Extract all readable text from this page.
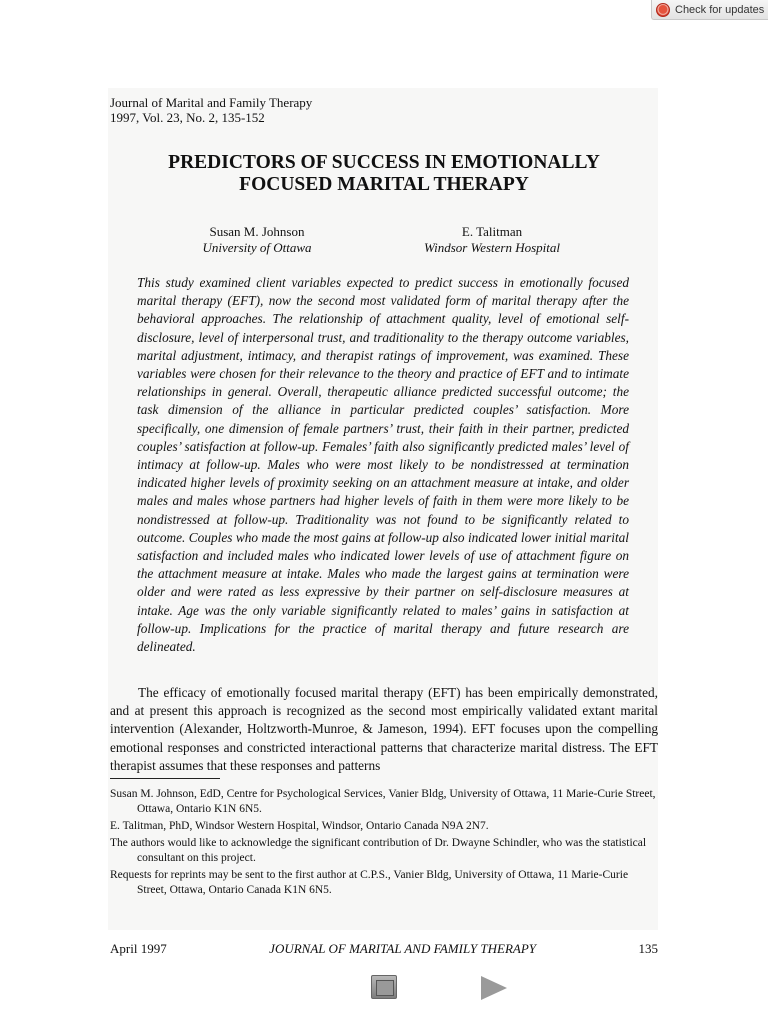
Check for updates
Journal of Marital and Family Therapy
1997, Vol. 23, No. 2, 135-152
PREDICTORS OF SUCCESS IN EMOTIONALLY
FOCUSED MARITAL THERAPY
Susan M. Johnson
University of Ottawa
E. Talitman
Windsor Western Hospital

This study examined client variables expected to predict success in emotionally focused marital therapy (EFT), now the second most validated form of marital therapy after the behavioral approaches. The relationship of attachment quality, level of emotional self-disclosure, level of interpersonal trust, and traditionality to the therapy outcome variables, marital adjustment, intimacy, and therapist ratings of improvement, was examined. These variables were chosen for their relevance to the theory and practice of EFT and to intimate relationships in general. Overall, therapeutic alliance predicted successful outcome; the task dimension of the alliance in particular predicted couples’ satisfaction. More specifically, one dimension of female partners’ trust, their faith in their partner, predicted couples’ satisfaction at follow-up. Females’ faith also significantly predicted males’ level of intimacy at follow-up. Males who were most likely to be nondistressed at termination indicated higher levels of proximity seeking on an attachment measure at intake, and older males and males whose partners had higher levels of faith in them were more likely to be nondistressed at follow-up. Traditionality was not found to be significantly related to outcome. Couples who made the most gains at follow-up also indicated lower initial marital satisfaction and included males who indicated lower levels of use of attachment figure on the attachment measure at intake. Males who made the largest gains at termination were older and were rated as less expressive by their partner on self-disclosure measures at intake. Age was the only variable significantly related to males’ gains in satisfaction at follow-up. Implications for the practice of marital therapy and future research are delineated.

The efficacy of emotionally focused marital therapy (EFT) has been empirically demonstrated, and at present this approach is recognized as the second most empirically validated extant marital intervention (Alexander, Holtzworth-Munroe, & Jameson, 1994). EFT focuses upon the compelling emotional responses and constricted interactional patterns that characterize marital distress. The EFT therapist assumes that these responses and patterns

Susan M. Johnson, EdD, Centre for Psychological Services, Vanier Bldg, University of Ottawa, 11 Marie-Curie Street, Ottawa, Ontario K1N 6N5.

E. Talitman, PhD, Windsor Western Hospital, Windsor, Ontario Canada N9A 2N7.

The authors would like to acknowledge the significant contribution of Dr. Dwayne Schindler, who was the statistical consultant on this project.

Requests for reprints may be sent to the first author at C.P.S., Vanier Bldg, University of Ottawa, 11 Marie-Curie Street, Ottawa, Ontario Canada K1N 6N5.

April 1997	JOURNAL OF MARITAL AND FAMILY THERAPY	135
